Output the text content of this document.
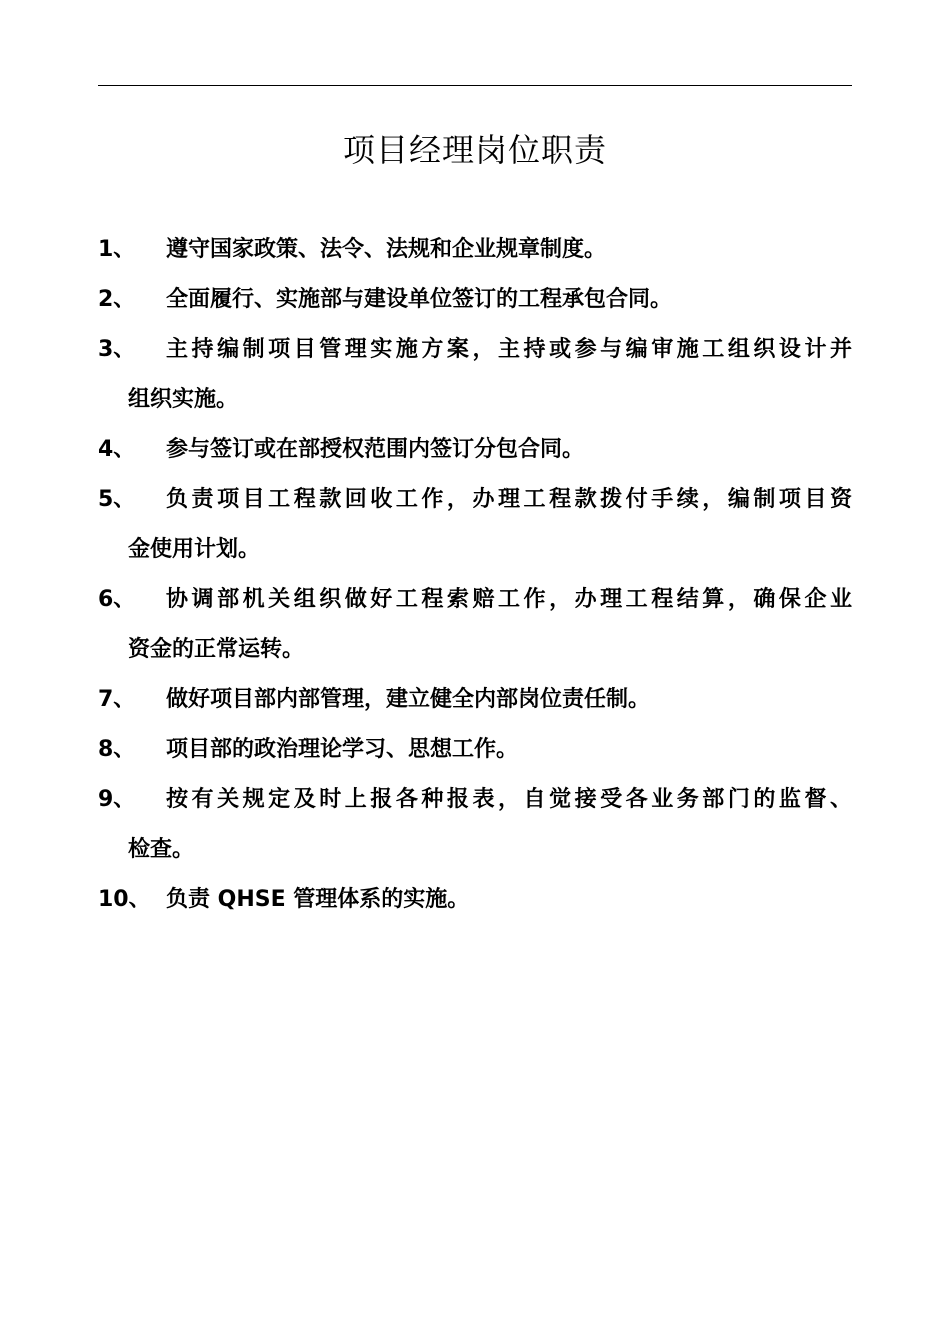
项目经理岗位职责
1、	遵守国家政策、法令、法规和企业规章制度。
2、	全面履行、实施部与建设单位签订的工程承包合同。
3、	主持编制项目管理实施方案，主持或参与编审施工组织设计并
组织实施。
4、	参与签订或在部授权范围内签订分包合同。
5、	负责项目工程款回收工作，办理工程款拨付手续，编制项目资
金使用计划。
6、	协调部机关组织做好工程索赔工作，办理工程结算，确保企业
资金的正常运转。
7、	做好项目部内部管理，建立健全内部岗位责任制。
8、	项目部的政治理论学习、思想工作。
9、	按有关规定及时上报各种报表，自觉接受各业务部门的监督、
检查。
10、 负责 QHSE 管理体系的实施。
